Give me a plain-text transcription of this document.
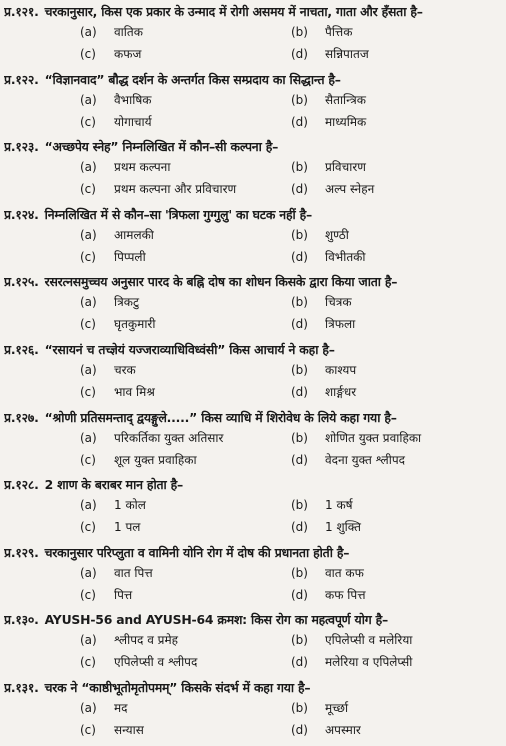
प्र.१२१. चरकानुसार, किस एक प्रकार के उन्माद में रोगी असमय में नाचता, गाता और हँसता है–
(a) वातिक	(b) पैत्तिक
(c) कफज	(d) सन्निपातज
प्र.१२२. “विज्ञानवाद” बौद्ध दर्शन के अन्तर्गत किस सम्प्रदाय का सिद्धान्त है–
(a) वैभाषिक	(b) सैतान्त्रिक
(c) योगाचार्य	(d) माध्यमिक
प्र.१२३. “अच्छपेय स्नेह” निम्नलिखित में कौन–सी कल्पना है–
(a) प्रथम कल्पना	(b) प्रविचारण
(c) प्रथम कल्पना और प्रविचारण	(d) अल्प स्नेहन
प्र.१२४. निम्नलिखित में से कौन–सा 'त्रिफला गुग्गुलु' का घटक नहीं है–
(a) आमलकी	(b) शुण्ठी
(c) पिप्पली	(d) विभीतकी
प्र.१२५. रसरत्नसमुच्चय अनुसार पारद के बह्नि दोष का शोधन किसके द्वारा किया जाता है–
(a) त्रिकटु	(b) चित्रक
(c) घृतकुमारी	(d) त्रिफला
प्र.१२६. “रसायनं च तच्ज्ञेयं यज्जराव्याधिविध्वंसी” किस आचार्य ने कहा है–
(a) चरक	(b) काश्यप
(c) भाव मिश्र	(d) शार्ङ्गधर
प्र.१२७. “श्रोणी प्रतिसमन्ताद् द्वयङ्गुले.....” किस व्याधि में शिरोवेध के लिये कहा गया है–
(a) परिकर्तिका युक्त अतिसार	(b) शोणित युक्त प्रवाहिका
(c) शूल युक्त प्रवाहिका	(d) वेदना युक्त श्लीपद
प्र.१२८. 2 शाण के बराबर मान होता है–
(a) 1 कोल	(b) 1 कर्ष
(c) 1 पल	(d) 1 शुक्ति
प्र.१२९. चरकानुसार परिप्लुता व वामिनी योनि रोग में दोष की प्रधानता होती है–
(a) वात पित्त	(b) वात कफ
(c) पित्त	(d) कफ पित्त
प्र.१३०. AYUSH-56 and AYUSH-64 क्रमश: किस रोग का महत्वपूर्ण योग है–
(a) श्लीपद व प्रमेह	(b) एपिलेप्सी व मलेरिया
(c) एपिलेप्सी व श्लीपद	(d) मलेरिया व एपिलेप्सी
प्र.१३१. चरक ने “काष्ठीभूतोमृतोपमम्” किसके संदर्भ में कहा गया है–
(a) मद	(b) मूर्च्छा
(c) सन्यास	(d) अपस्मार
